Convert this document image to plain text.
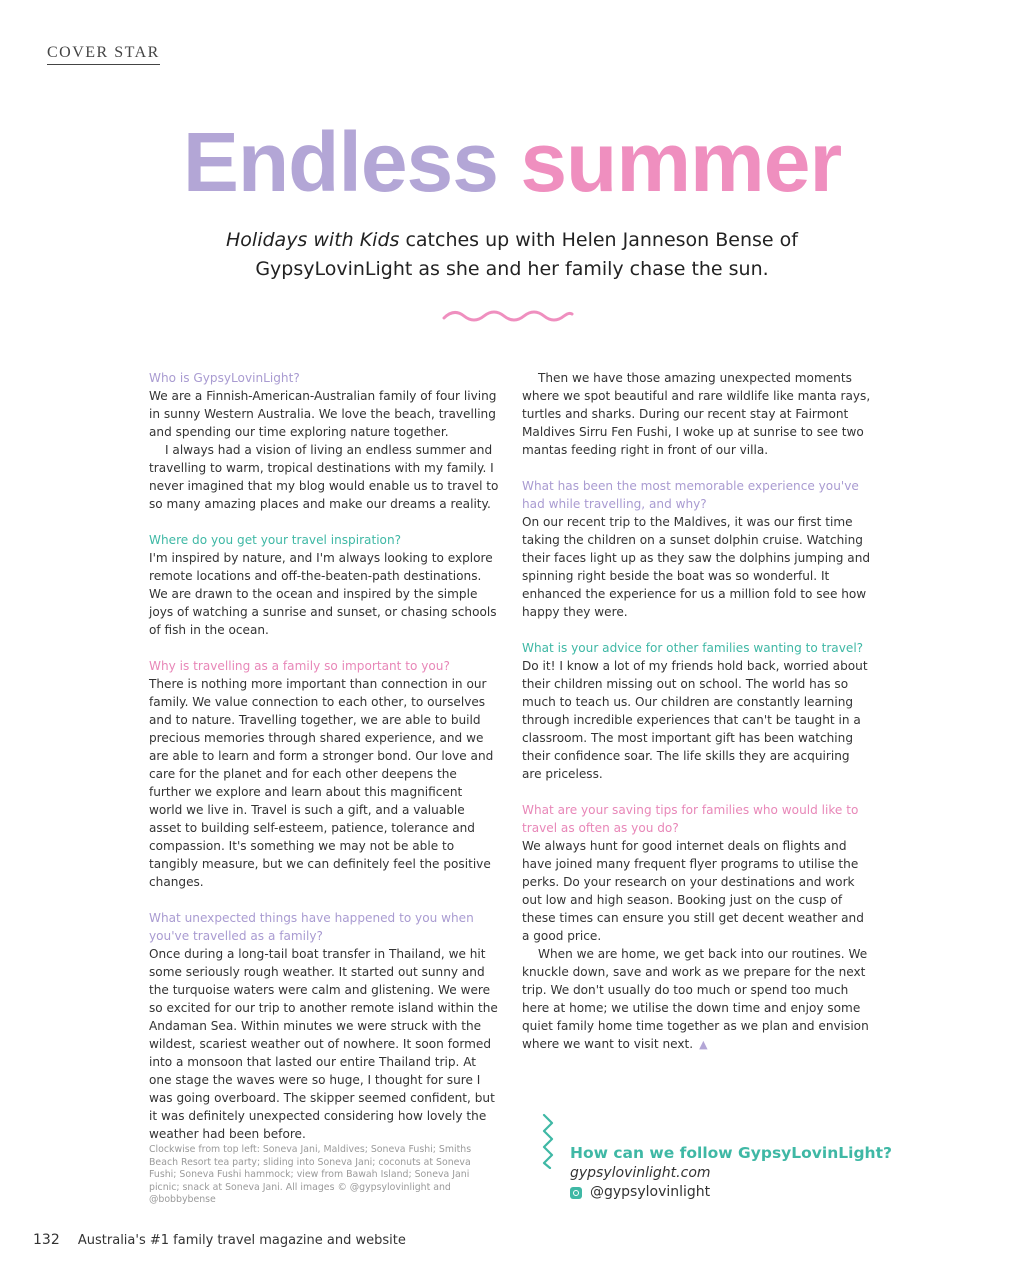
COVER STAR
Endless summer
Holidays with Kids catches up with Helen Janneson Bense of
GypsyLovinLight as she and her family chase the sun.

Who is GypsyLovinLight?

We are a Finnish-American-Australian family of four living in sunny Western Australia. We love the beach, travelling and spending our time exploring nature together.

I always had a vision of living an endless summer and travelling to warm, tropical destinations with my family. I never imagined that my blog would enable us to travel to so many amazing places and make our dreams a reality.

Where do you get your travel inspiration?

I'm inspired by nature, and I'm always looking to explore remote locations and off-the-beaten-path destinations. We are drawn to the ocean and inspired by the simple joys of watching a sunrise and sunset, or chasing schools of fish in the ocean.

Why is travelling as a family so important to you?

There is nothing more important than connection in our family. We value connection to each other, to ourselves and to nature. Travelling together, we are able to build precious memories through shared experience, and we are able to learn and form a stronger bond. Our love and care for the planet and for each other deepens the further we explore and learn about this magnificent world we live in. Travel is such a gift, and a valuable asset to building self-esteem, patience, tolerance and compassion. It's something we may not be able to tangibly measure, but we can definitely feel the positive changes.

What unexpected things have happened to you when you've travelled as a family?

Once during a long-tail boat transfer in Thailand, we hit some seriously rough weather. It started out sunny and the turquoise waters were calm and glistening. We were so excited for our trip to another remote island within the Andaman Sea. Within minutes we were struck with the wildest, scariest weather out of nowhere. It soon formed into a monsoon that lasted our entire Thailand trip. At one stage the waves were so huge, I thought for sure I was going overboard. The skipper seemed confident, but it was definitely unexpected considering how lovely the weather had been before.

Then we have those amazing unexpected moments where we spot beautiful and rare wildlife like manta rays, turtles and sharks. During our recent stay at Fairmont Maldives Sirru Fen Fushi, I woke up at sunrise to see two mantas feeding right in front of our villa.

What has been the most memorable experience you've had while travelling, and why?

On our recent trip to the Maldives, it was our first time taking the children on a sunset dolphin cruise. Watching their faces light up as they saw the dolphins jumping and spinning right beside the boat was so wonderful. It enhanced the experience for us a million fold to see how happy they were.

What is your advice for other families wanting to travel?

Do it! I know a lot of my friends hold back, worried about their children missing out on school. The world has so much to teach us. Our children are constantly learning through incredible experiences that can't be taught in a classroom. The most important gift has been watching their confidence soar. The life skills they are acquiring are priceless.

What are your saving tips for families who would like to travel as often as you do?

We always hunt for good internet deals on flights and have joined many frequent flyer programs to utilise the perks. Do your research on your destinations and work out low and high season. Booking just on the cusp of these times can ensure you still get decent weather and a good price.

When we are home, we get back into our routines. We knuckle down, save and work as we prepare for the next trip. We don't usually do too much or spend too much here at home; we utilise the down time and enjoy some quiet family home time together as we plan and envision where we want to visit next. ▲

Clockwise from top left: Soneva Jani, Maldives; Soneva Fushi; Smiths Beach Resort tea party; sliding into Soneva Jani; coconuts at Soneva Fushi; Soneva Fushi hammock; view from Bawah Island; Soneva Jani picnic; snack at Soneva Jani. All images © @gypsylovinlight and @bobbybense
How can we follow GypsyLovinLight?
gypsylovinlight.com
@gypsylovinlight
132 Australia's #1 family travel magazine and website
